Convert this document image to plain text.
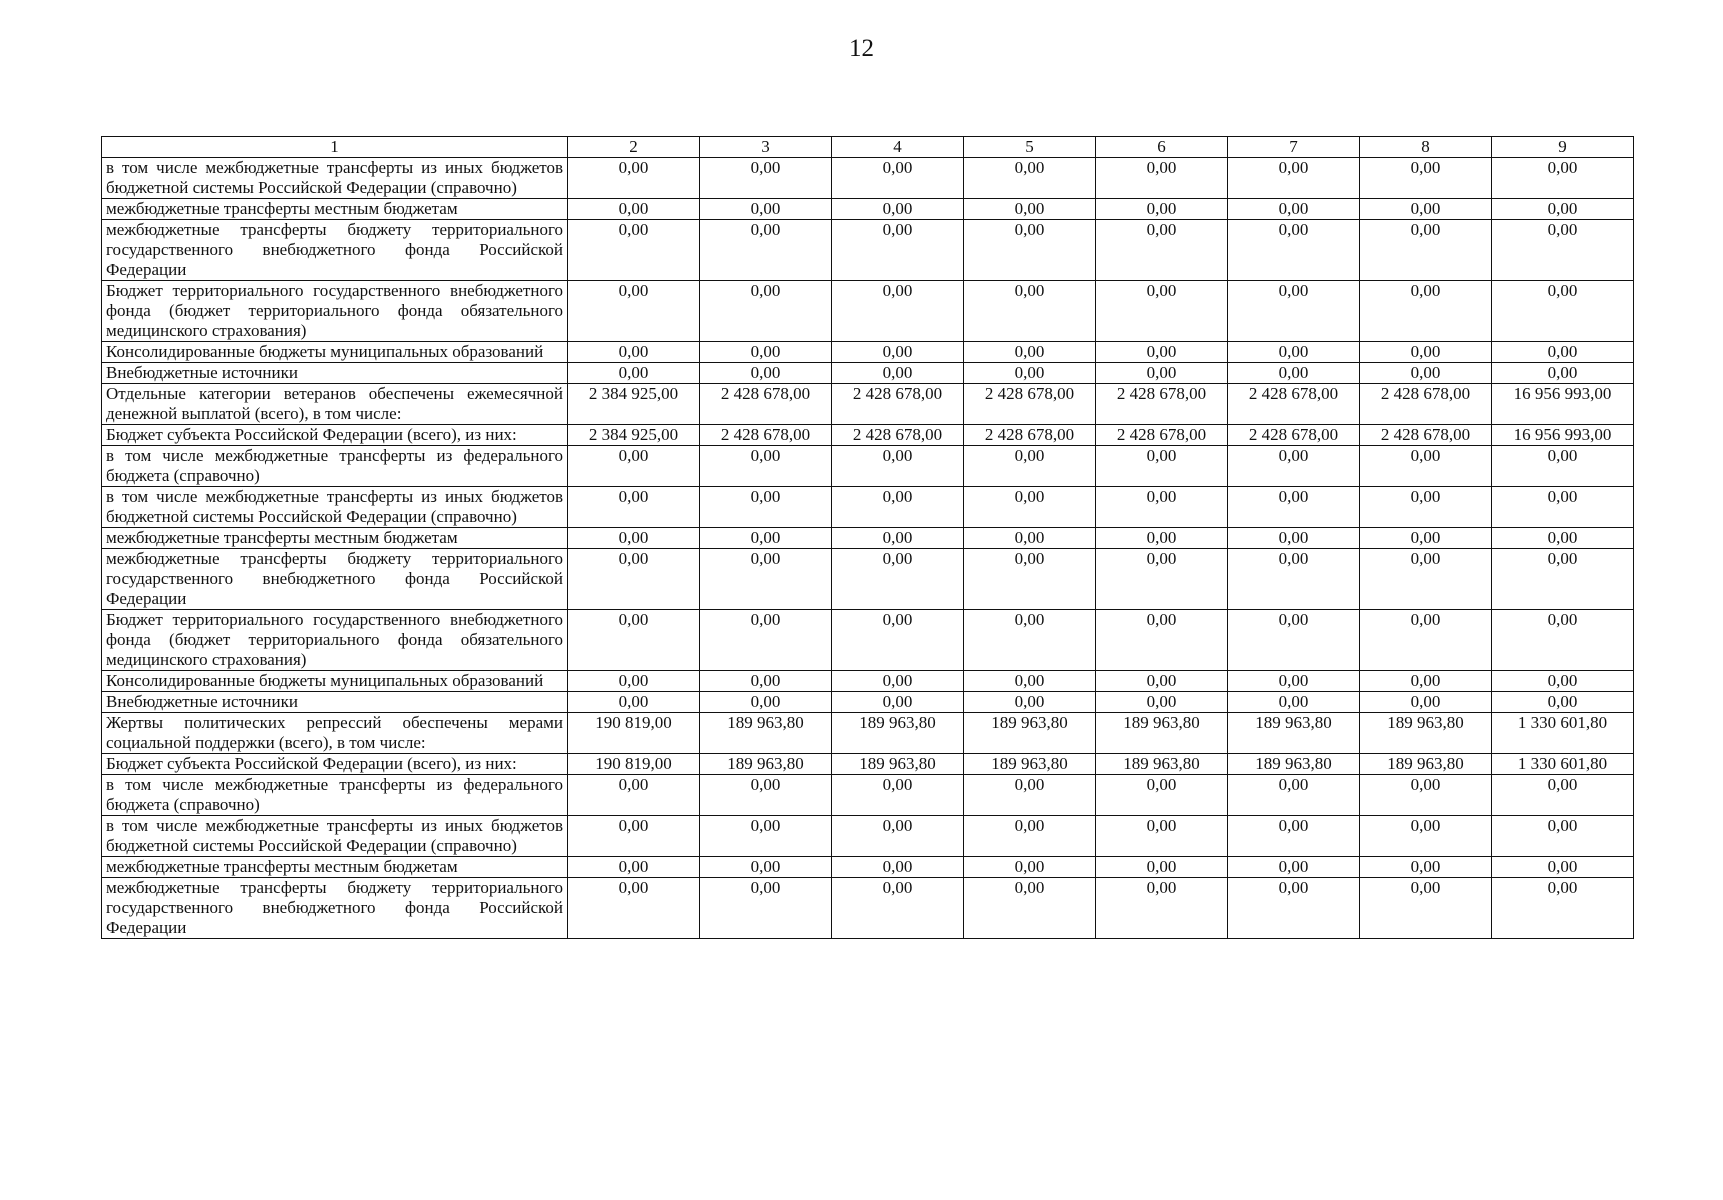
12
1	2	3	4	5	6	7	8	9
в том числе межбюджетные трансферты из иных бюджетов бюджетной системы Российской Федерации (справочно)	0,00	0,00	0,00	0,00	0,00	0,00	0,00	0,00
межбюджетные трансферты местным бюджетам	0,00	0,00	0,00	0,00	0,00	0,00	0,00	0,00
межбюджетные трансферты бюджету территориального государственного внебюджетного фонда Российской Федерации	0,00	0,00	0,00	0,00	0,00	0,00	0,00	0,00
Бюджет территориального государственного внебюджетного фонда (бюджет территориального фонда обязательного медицинского страхования)	0,00	0,00	0,00	0,00	0,00	0,00	0,00	0,00
Консолидированные бюджеты муниципальных образований	0,00	0,00	0,00	0,00	0,00	0,00	0,00	0,00
Внебюджетные источники	0,00	0,00	0,00	0,00	0,00	0,00	0,00	0,00
Отдельные категории ветеранов обеспечены ежемесячной денежной выплатой (всего), в том числе:	2 384 925,00	2 428 678,00	2 428 678,00	2 428 678,00	2 428 678,00	2 428 678,00	2 428 678,00	16 956 993,00
Бюджет субъекта Российской Федерации (всего), из них:	2 384 925,00	2 428 678,00	2 428 678,00	2 428 678,00	2 428 678,00	2 428 678,00	2 428 678,00	16 956 993,00
в том числе межбюджетные трансферты из федерального бюджета (справочно)	0,00	0,00	0,00	0,00	0,00	0,00	0,00	0,00
в том числе межбюджетные трансферты из иных бюджетов бюджетной системы Российской Федерации (справочно)	0,00	0,00	0,00	0,00	0,00	0,00	0,00	0,00
межбюджетные трансферты местным бюджетам	0,00	0,00	0,00	0,00	0,00	0,00	0,00	0,00
межбюджетные трансферты бюджету территориального государственного внебюджетного фонда Российской Федерации	0,00	0,00	0,00	0,00	0,00	0,00	0,00	0,00
Бюджет территориального государственного внебюджетного фонда (бюджет территориального фонда обязательного медицинского страхования)	0,00	0,00	0,00	0,00	0,00	0,00	0,00	0,00
Консолидированные бюджеты муниципальных образований	0,00	0,00	0,00	0,00	0,00	0,00	0,00	0,00
Внебюджетные источники	0,00	0,00	0,00	0,00	0,00	0,00	0,00	0,00
Жертвы политических репрессий обеспечены мерами социальной поддержки (всего), в том числе:	190 819,00	189 963,80	189 963,80	189 963,80	189 963,80	189 963,80	189 963,80	1 330 601,80
Бюджет субъекта Российской Федерации (всего), из них:	190 819,00	189 963,80	189 963,80	189 963,80	189 963,80	189 963,80	189 963,80	1 330 601,80
в том числе межбюджетные трансферты из федерального бюджета (справочно)	0,00	0,00	0,00	0,00	0,00	0,00	0,00	0,00
в том числе межбюджетные трансферты из иных бюджетов бюджетной системы Российской Федерации (справочно)	0,00	0,00	0,00	0,00	0,00	0,00	0,00	0,00
межбюджетные трансферты местным бюджетам	0,00	0,00	0,00	0,00	0,00	0,00	0,00	0,00
межбюджетные трансферты бюджету территориального государственного внебюджетного фонда Российской Федерации	0,00	0,00	0,00	0,00	0,00	0,00	0,00	0,00
